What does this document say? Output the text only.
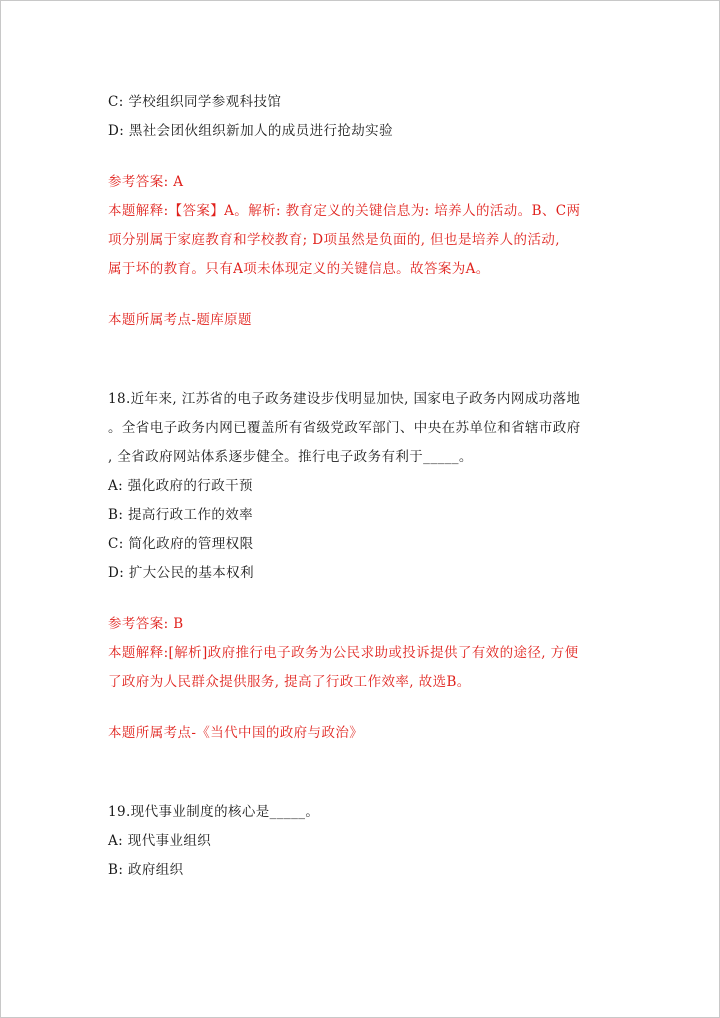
C: 学校组织同学参观科技馆
D: 黑社会团伙组织新加人的成员进行抢劫实验
参考答案: A
本题解释:【答案】A。解析: 教育定义的关键信息为: 培养人的活动。B、C两
项分别属于家庭教育和学校教育; D项虽然是负面的, 但也是培养人的活动,
属于坏的教育。只有A项未体现定义的关键信息。故答案为A。
本题所属考点-题库原题
18.近年来, 江苏省的电子政务建设步伐明显加快, 国家电子政务内网成功落地
。全省电子政务内网已覆盖所有省级党政军部门、中央在苏单位和省辖市政府
, 全省政府网站体系逐步健全。推行电子政务有利于_____。
A: 强化政府的行政干预
B: 提高行政工作的效率
C: 简化政府的管理权限
D: 扩大公民的基本权利
参考答案: B
本题解释:[解析]政府推行电子政务为公民求助或投诉提供了有效的途径, 方便
了政府为人民群众提供服务, 提高了行政工作效率, 故选B。
本题所属考点-《当代中国的政府与政治》
19.现代事业制度的核心是_____。
A: 现代事业组织
B: 政府组织
